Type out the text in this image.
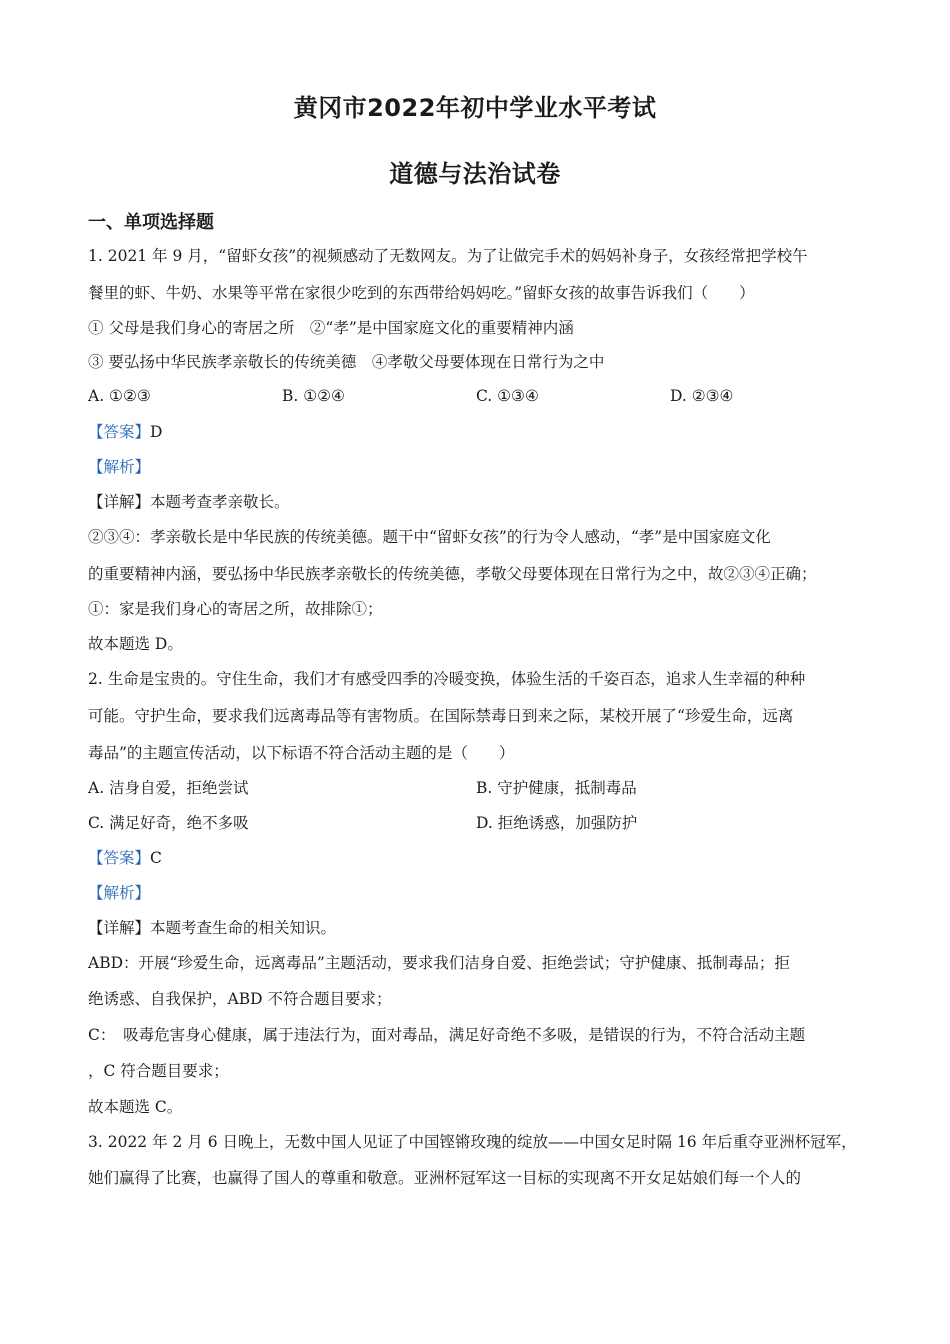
黄冈市2022年初中学业水平考试
道德与法治试卷
一、单项选择题
1. 2021 年 9 月，“留虾女孩”的视频感动了无数网友。为了让做完手术的妈妈补身子，女孩经常把学校午
餐里的虾、牛奶、水果等平常在家很少吃到的东西带给妈妈吃。”留虾女孩的故事告诉我们（　　）
① 父母是我们身心的寄居之所　②“孝”是中国家庭文化的重要精神内涵
③ 要弘扬中华民族孝亲敬长的传统美德　④孝敬父母要体现在日常行为之中
A. ①②③	B. ①②④	C. ①③④	D. ②③④
【答案】D
【解析】
【详解】本题考查孝亲敬长。
②③④：孝亲敬长是中华民族的传统美德。题干中“留虾女孩”的行为令人感动，“孝”是中国家庭文化
的重要精神内涵，要弘扬中华民族孝亲敬长的传统美德，孝敬父母要体现在日常行为之中，故②③④正确；
①：家是我们身心的寄居之所，故排除①；
故本题选 D。
2. 生命是宝贵的。守住生命，我们才有感受四季的冷暖变换，体验生活的千姿百态，追求人生幸福的种种
可能。守护生命，要求我们远离毒品等有害物质。在国际禁毒日到来之际，某校开展了“珍爱生命，远离
毒品”的主题宣传活动，以下标语不符合活动主题的是（　　）
A. 洁身自爱，拒绝尝试	B. 守护健康，抵制毒品
C. 满足好奇，绝不多吸	D. 拒绝诱惑，加强防护
【答案】C
【解析】
【详解】本题考查生命的相关知识。
ABD：开展“珍爱生命，远离毒品”主题活动，要求我们洁身自爱、拒绝尝试；守护健康、抵制毒品；拒
绝诱惑、自我保护，ABD 不符合题目要求；
C：　吸毒危害身心健康，属于违法行为，面对毒品，满足好奇绝不多吸，是错误的行为，不符合活动主题
，C 符合题目要求；
故本题选 C。
3. 2022 年 2 月 6 日晚上，无数中国人见证了中国铿锵玫瑰的绽放——中国女足时隔 16 年后重夺亚洲杯冠军，
她们赢得了比赛，也赢得了国人的尊重和敬意。亚洲杯冠军这一目标的实现离不开女足姑娘们每一个人的
